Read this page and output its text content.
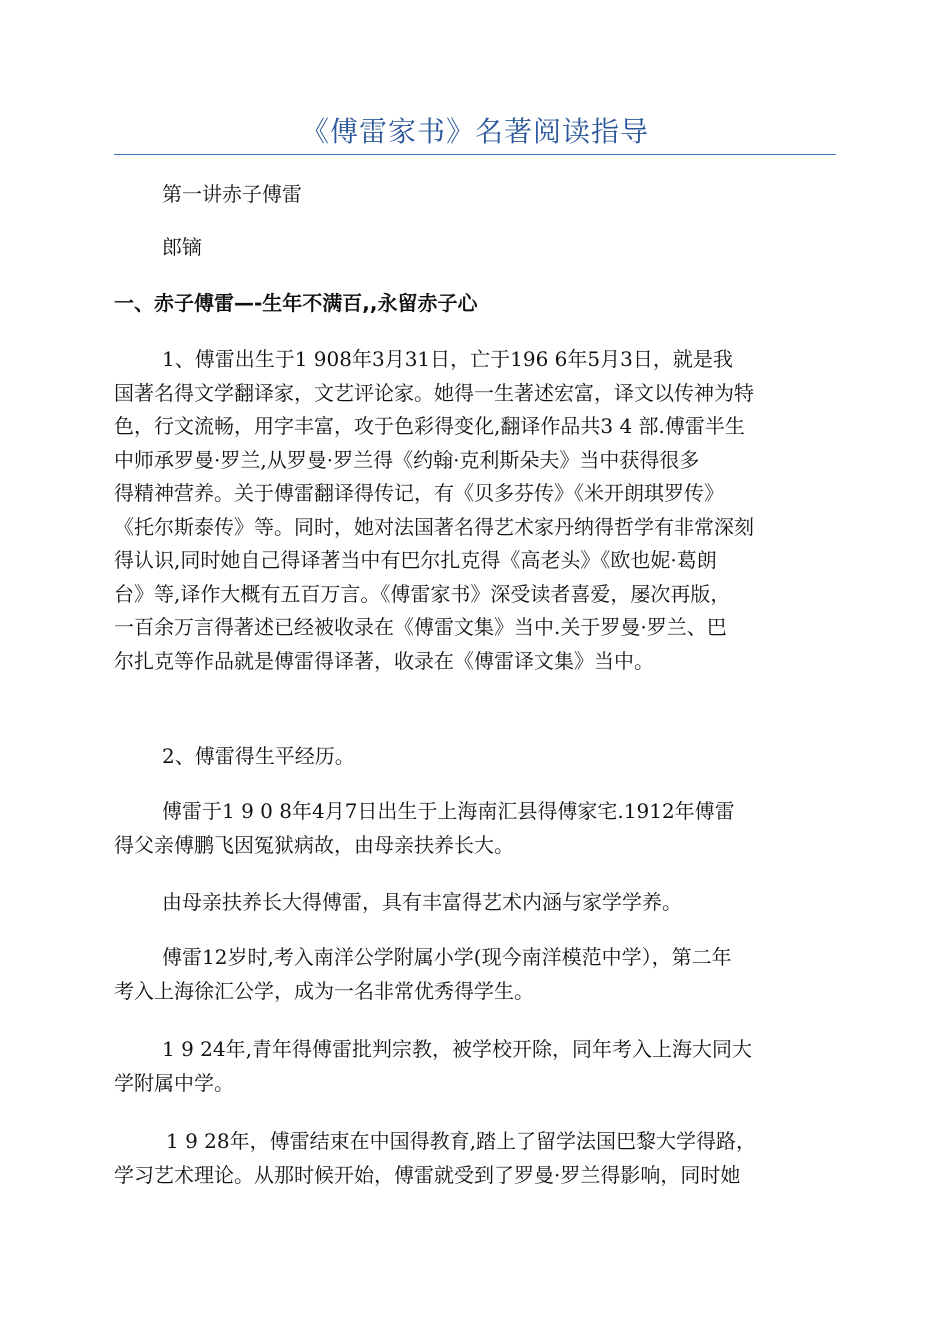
《傅雷家书》名著阅读指导

第一讲赤子傅雷

郎镝

一、赤子傅雷—-生年不满百,,永留赤子心

1、傅雷出生于1 908年3月31日，亡于196 6年5月3日，就是我
国著名得文学翻译家，文艺评论家。她得一生著述宏富，译文以传神为特
色，行文流畅，用字丰富，攻于色彩得变化,翻译作品共3 4 部.傅雷半生
中师承罗曼·罗兰,从罗曼·罗兰得《约翰·克利斯朵夫》当中获得很多
得精神营养。关于傅雷翻译得传记，有《贝多芬传》《米开朗琪罗传》
《托尔斯泰传》等。同时，她对法国著名得艺术家丹纳得哲学有非常深刻
得认识,同时她自己得译著当中有巴尔扎克得《高老头》《欧也妮·葛朗
台》等,译作大概有五百万言。《傅雷家书》深受读者喜爱，屡次再版，
一百余万言得著述已经被收录在《傅雷文集》当中.关于罗曼·罗兰、巴
尔扎克等作品就是傅雷得译著，收录在《傅雷译文集》当中。

2、傅雷得生平经历。

傅雷于1 9 0 8年4月7日出生于上海南汇县得傅家宅.1912年傅雷
得父亲傅鹏飞因冤狱病故，由母亲扶养长大。

由母亲扶养长大得傅雷，具有丰富得艺术内涵与家学学养。

傅雷12岁时,考入南洋公学附属小学(现今南洋模范中学），第二年
考入上海徐汇公学，成为一名非常优秀得学生。

1 9 24年,青年得傅雷批判宗教，被学校开除，同年考入上海大同大
学附属中学。

1 9 28年，傅雷结束在中国得教育,踏上了留学法国巴黎大学得路，
学习艺术理论。从那时候开始，傅雷就受到了罗曼·罗兰得影响，同时她
